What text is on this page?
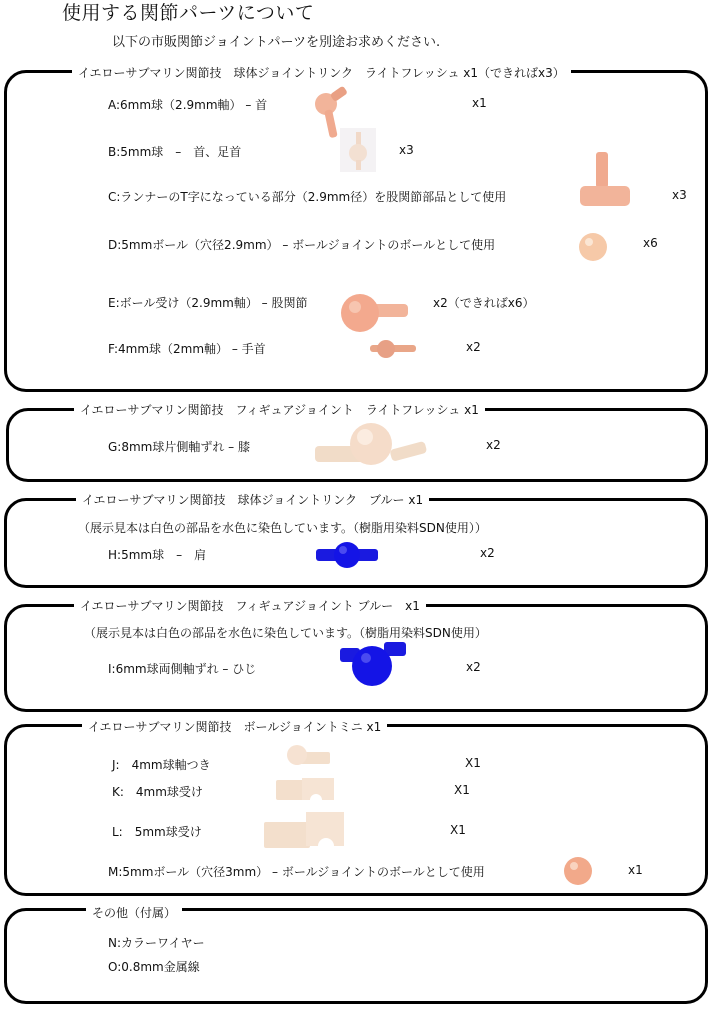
使用する関節パーツについて
以下の市販関節ジョイントパーツを別途お求めください.
イエローサブマリン関節技　球体ジョイントリンク　ライトフレッシュ x1（できればx3）
A:6mm球（2.9mm軸） – 首	x1
B:5mm球　–　首、足首	x3
C:ランナーのT字になっている部分（2.9mm径）を股関節部品として使用	x3
D:5mmボール（穴径2.9mm） – ボールジョイントのボールとして使用	x6
E:ボール受け（2.9mm軸） – 股関節	x2（できればx6）
F:4mm球（2mm軸） – 手首	x2
イエローサブマリン関節技　フィギュアジョイント　ライトフレッシュ x1
G:8mm球片側軸ずれ – 膝	x2
イエローサブマリン関節技　球体ジョイントリンク　ブルー x1
（展示見本は白色の部品を水色に染色しています。（樹脂用染料SDN使用））
H:5mm球　–　肩	x2
イエローサブマリン関節技　フィギュアジョイント ブルー　x1
（展示見本は白色の部品を水色に染色しています。（樹脂用染料SDN使用）
I:6mm球両側軸ずれ – ひじ	x2
イエローサブマリン関節技　ボールジョイントミニ x1
J:　4mm球軸つき	X1
K:　4mm球受け	X1
L:　5mm球受け	X1
M:5mmボール（穴径3mm） – ボールジョイントのボールとして使用	x1
その他（付属）
N:カラーワイヤー
O:0.8mm金属線
